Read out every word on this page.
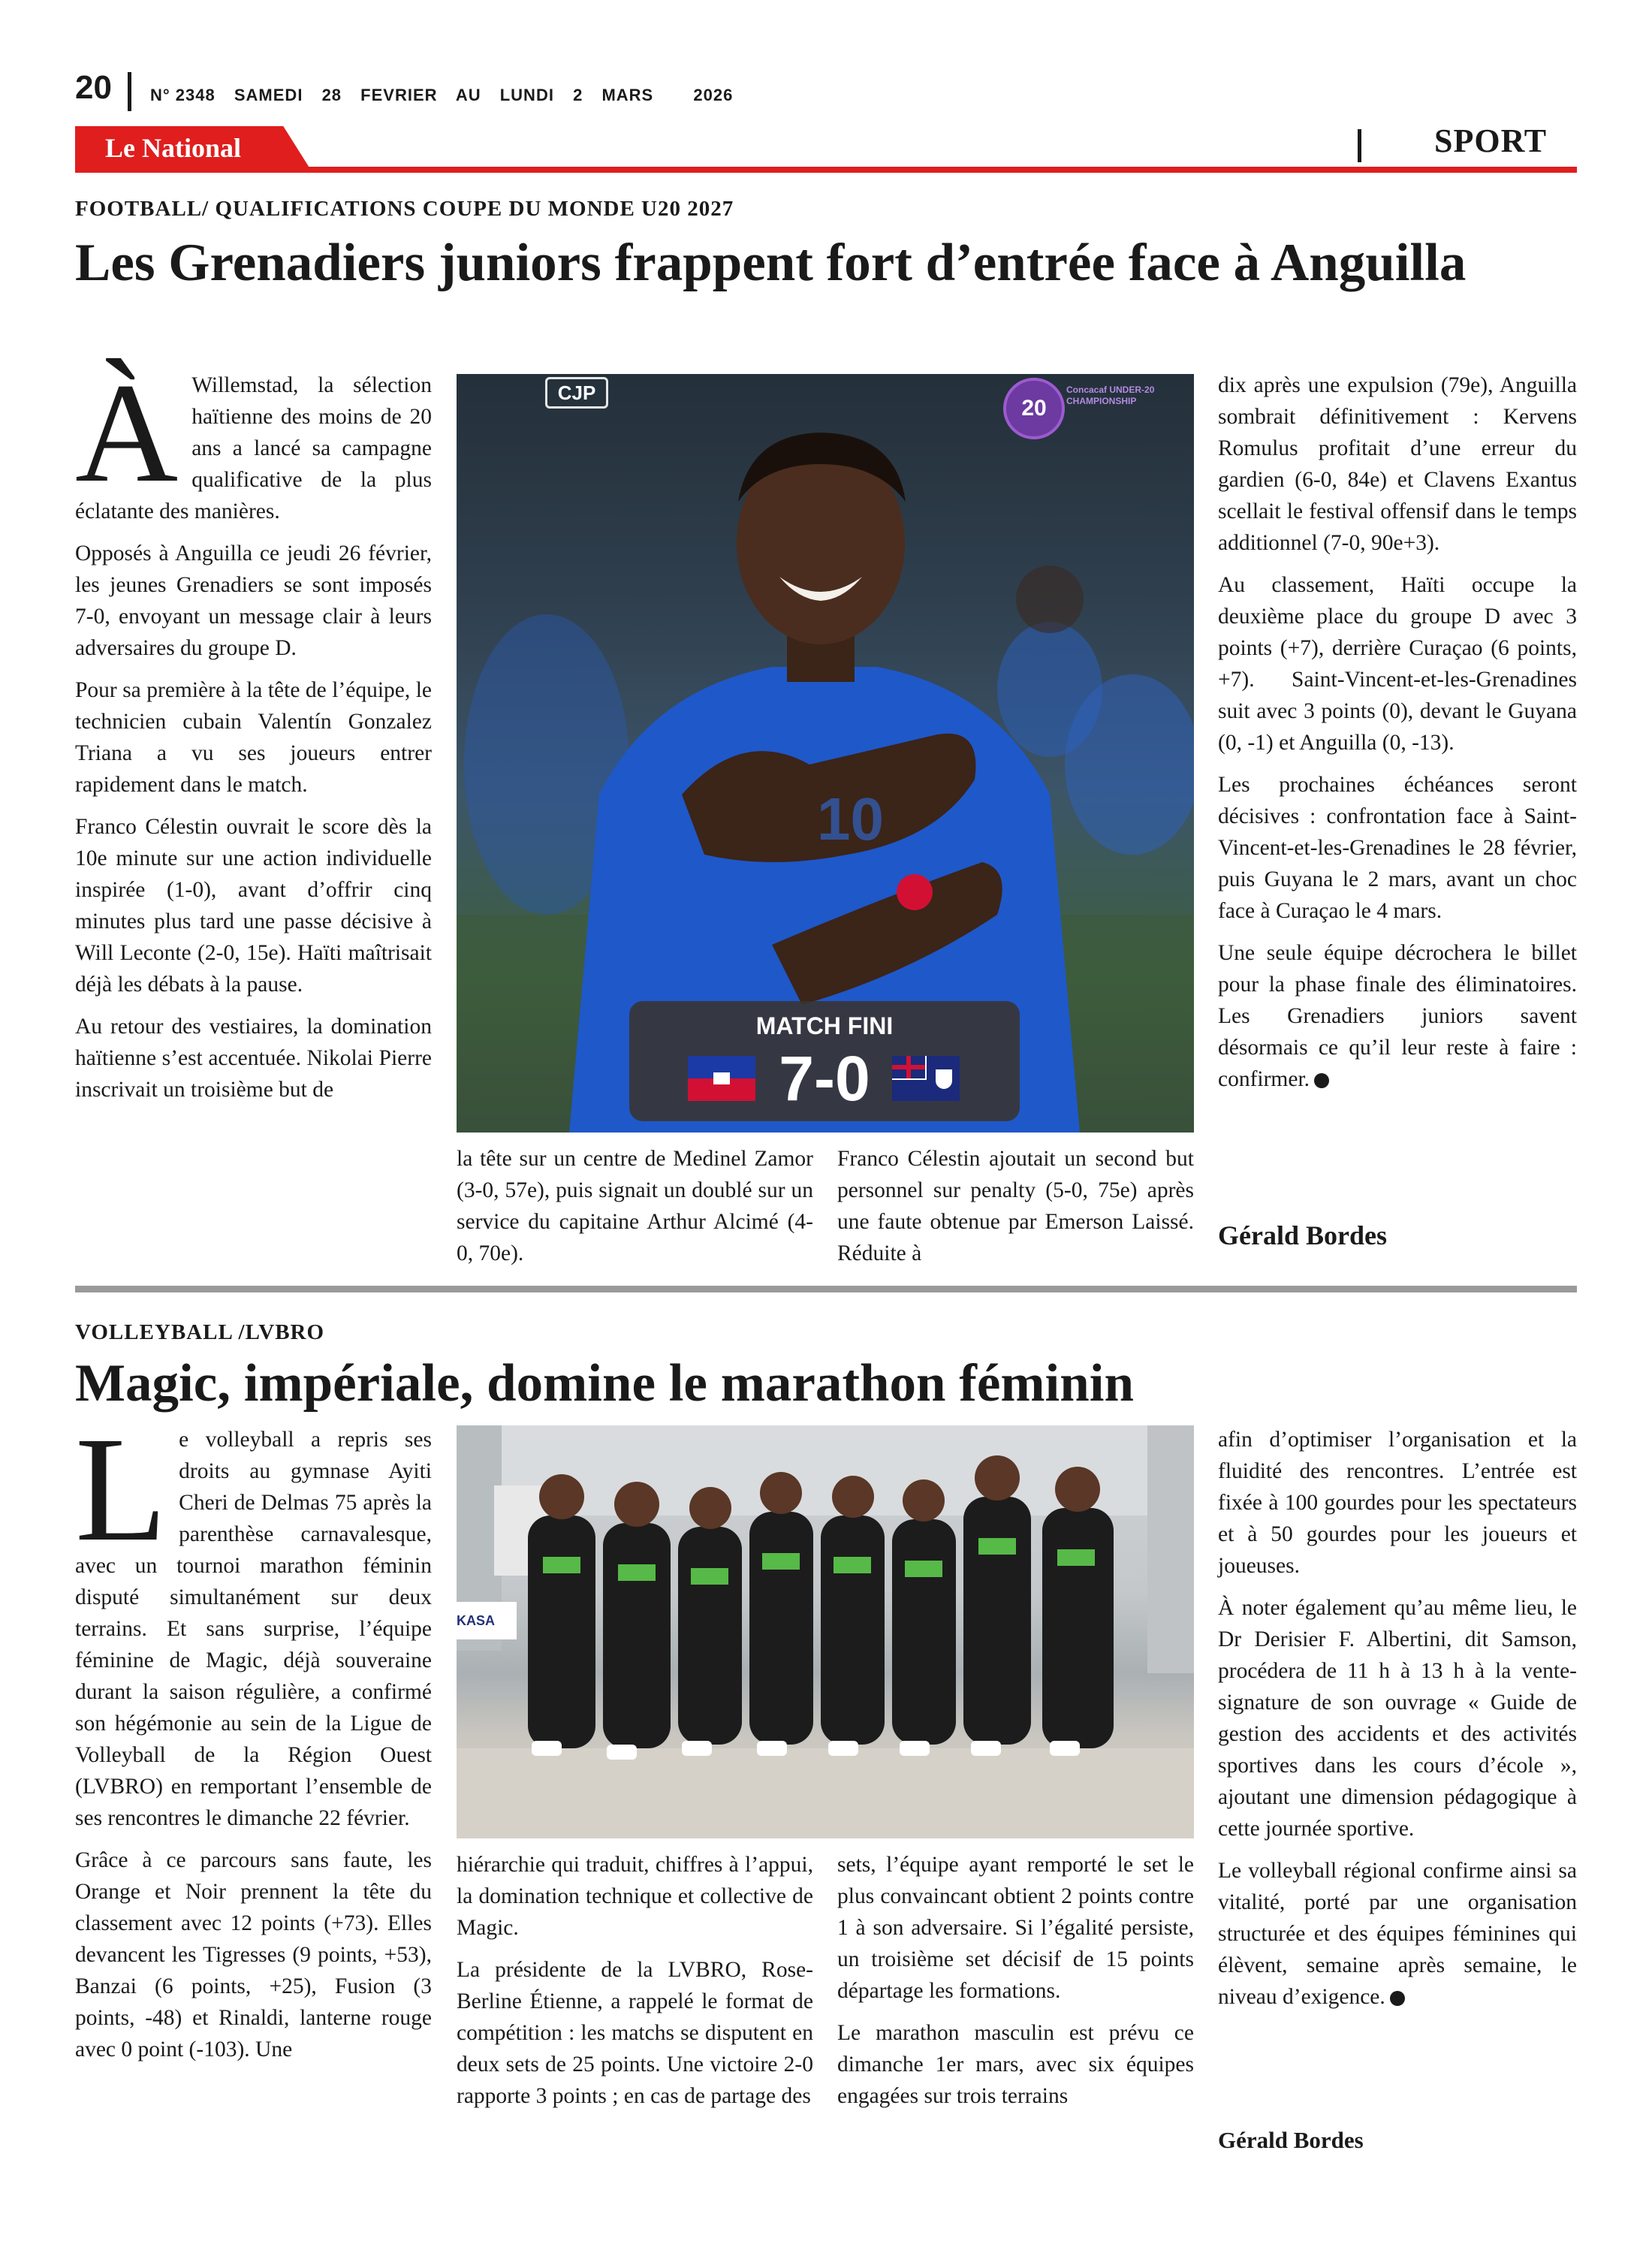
20 N° 2348 SAMEDI 28 FEVRIER AU LUNDI 2 MARS 2026
Le National	SPORT
FOOTBALL/ QUALIFICATIONS COUPE DU MONDE U20 2027
Les Grenadiers juniors frappent fort d’entrée face à Anguilla

À Willemstad, la sélection haïtienne des moins de 20 ans a lancé sa campagne qualificative de la plus éclatante des manières.

Opposés à Anguilla ce jeudi 26 février, les jeunes Grenadiers se sont imposés 7-0, envoyant un message clair à leurs adversaires du groupe D.

Pour sa première à la tête de l’équipe, le technicien cubain Valentín Gonzalez Triana a vu ses joueurs entrer rapidement dans le match.

Franco Célestin ouvrait le score dès la 10e minute sur une action individuelle inspirée (1-0), avant d’offrir cinq minutes plus tard une passe décisive à Will Leconte (2-0, 15e). Haïti maîtrisait déjà les débats à la pause.

Au retour des vestiaires, la domination haïtienne s’est accentuée. Nikolai Pierre inscrivait un troisième but de

10
CJP
20
Concacaf UNDER-20 CHAMPIONSHIP
MATCH FINI
7-0

la tête sur un centre de Medinel Zamor (3-0, 57e), puis signait un doublé sur un service du capitaine Arthur Alcimé (4-0, 70e).

Franco Célestin ajoutait un second but personnel sur penalty (5-0, 75e) après une faute obtenue par Emerson Laissé. Réduite à

dix après une expulsion (79e), Anguilla sombrait définitivement : Kervens Romulus profitait d’une erreur du gardien (6-0, 84e) et Clavens Exantus scellait le festival offensif dans le temps additionnel (7-0, 90e+3).

Au classement, Haïti occupe la deuxième place du groupe D avec 3 points (+7), derrière Curaçao (6 points, +7). Saint-Vincent-et-les-Grenadines suit avec 3 points (0), devant le Guyana (0, -1) et Anguilla (0, -13).

Les prochaines échéances seront décisives : confrontation face à Saint-Vincent-et-les-Grenadines le 28 février, puis Guyana le 2 mars, avant un choc face à Curaçao le 4 mars.

Une seule équipe décrochera le billet pour la phase finale des éliminatoires. Les Grenadiers juniors savent désormais ce qu’il leur reste à faire : confirmer.

Gérald Bordes
VOLLEYBALL /LVBRO
Magic, impériale, domine le marathon féminin

Le volleyball a repris ses droits au gymnase Ayiti Cheri de Delmas 75 après la parenthèse carnavalesque, avec un tournoi marathon féminin disputé simultanément sur deux terrains. Et sans surprise, l’équipe féminine de Magic, déjà souveraine durant la saison régulière, a confirmé son hégémonie au sein de la Ligue de Volleyball de la Région Ouest (LVBRO) en remportant l’ensemble de ses rencontres le dimanche 22 février.

Grâce à ce parcours sans faute, les Orange et Noir prennent la tête du classement avec 12 points (+73). Elles devancent les Tigresses (9 points, +53), Banzai (6 points, +25), Fusion (3 points, -48) et Rinaldi, lanterne rouge avec 0 point (-103). Une

KASA

hiérarchie qui traduit, chiffres à l’appui, la domination technique et collective de Magic.

La présidente de la LVBRO, Rose-Berline Étienne, a rappelé le format de compétition : les matchs se disputent en deux sets de 25 points. Une victoire 2-0 rapporte 3 points ; en cas de partage des

sets, l’équipe ayant remporté le set le plus convaincant obtient 2 points contre 1 à son adversaire. Si l’égalité persiste, un troisième set décisif de 15 points départage les formations.

Le marathon masculin est prévu ce dimanche 1er mars, avec six équipes engagées sur trois terrains

afin d’optimiser l’organisation et la fluidité des rencontres. L’entrée est fixée à 100 gourdes pour les spectateurs et à 50 gourdes pour les joueurs et joueuses.

À noter également qu’au même lieu, le Dr Derisier F. Albertini, dit Samson, procédera de 11 h à 13 h à la vente-signature de son ouvrage « Guide de gestion des accidents et des activités sportives dans les cours d’école », ajoutant une dimension pédagogique à cette journée sportive.

Le volleyball régional confirme ainsi sa vitalité, porté par une organisation structurée et des équipes féminines qui élèvent, semaine après semaine, le niveau d’exigence.

Gérald Bordes
